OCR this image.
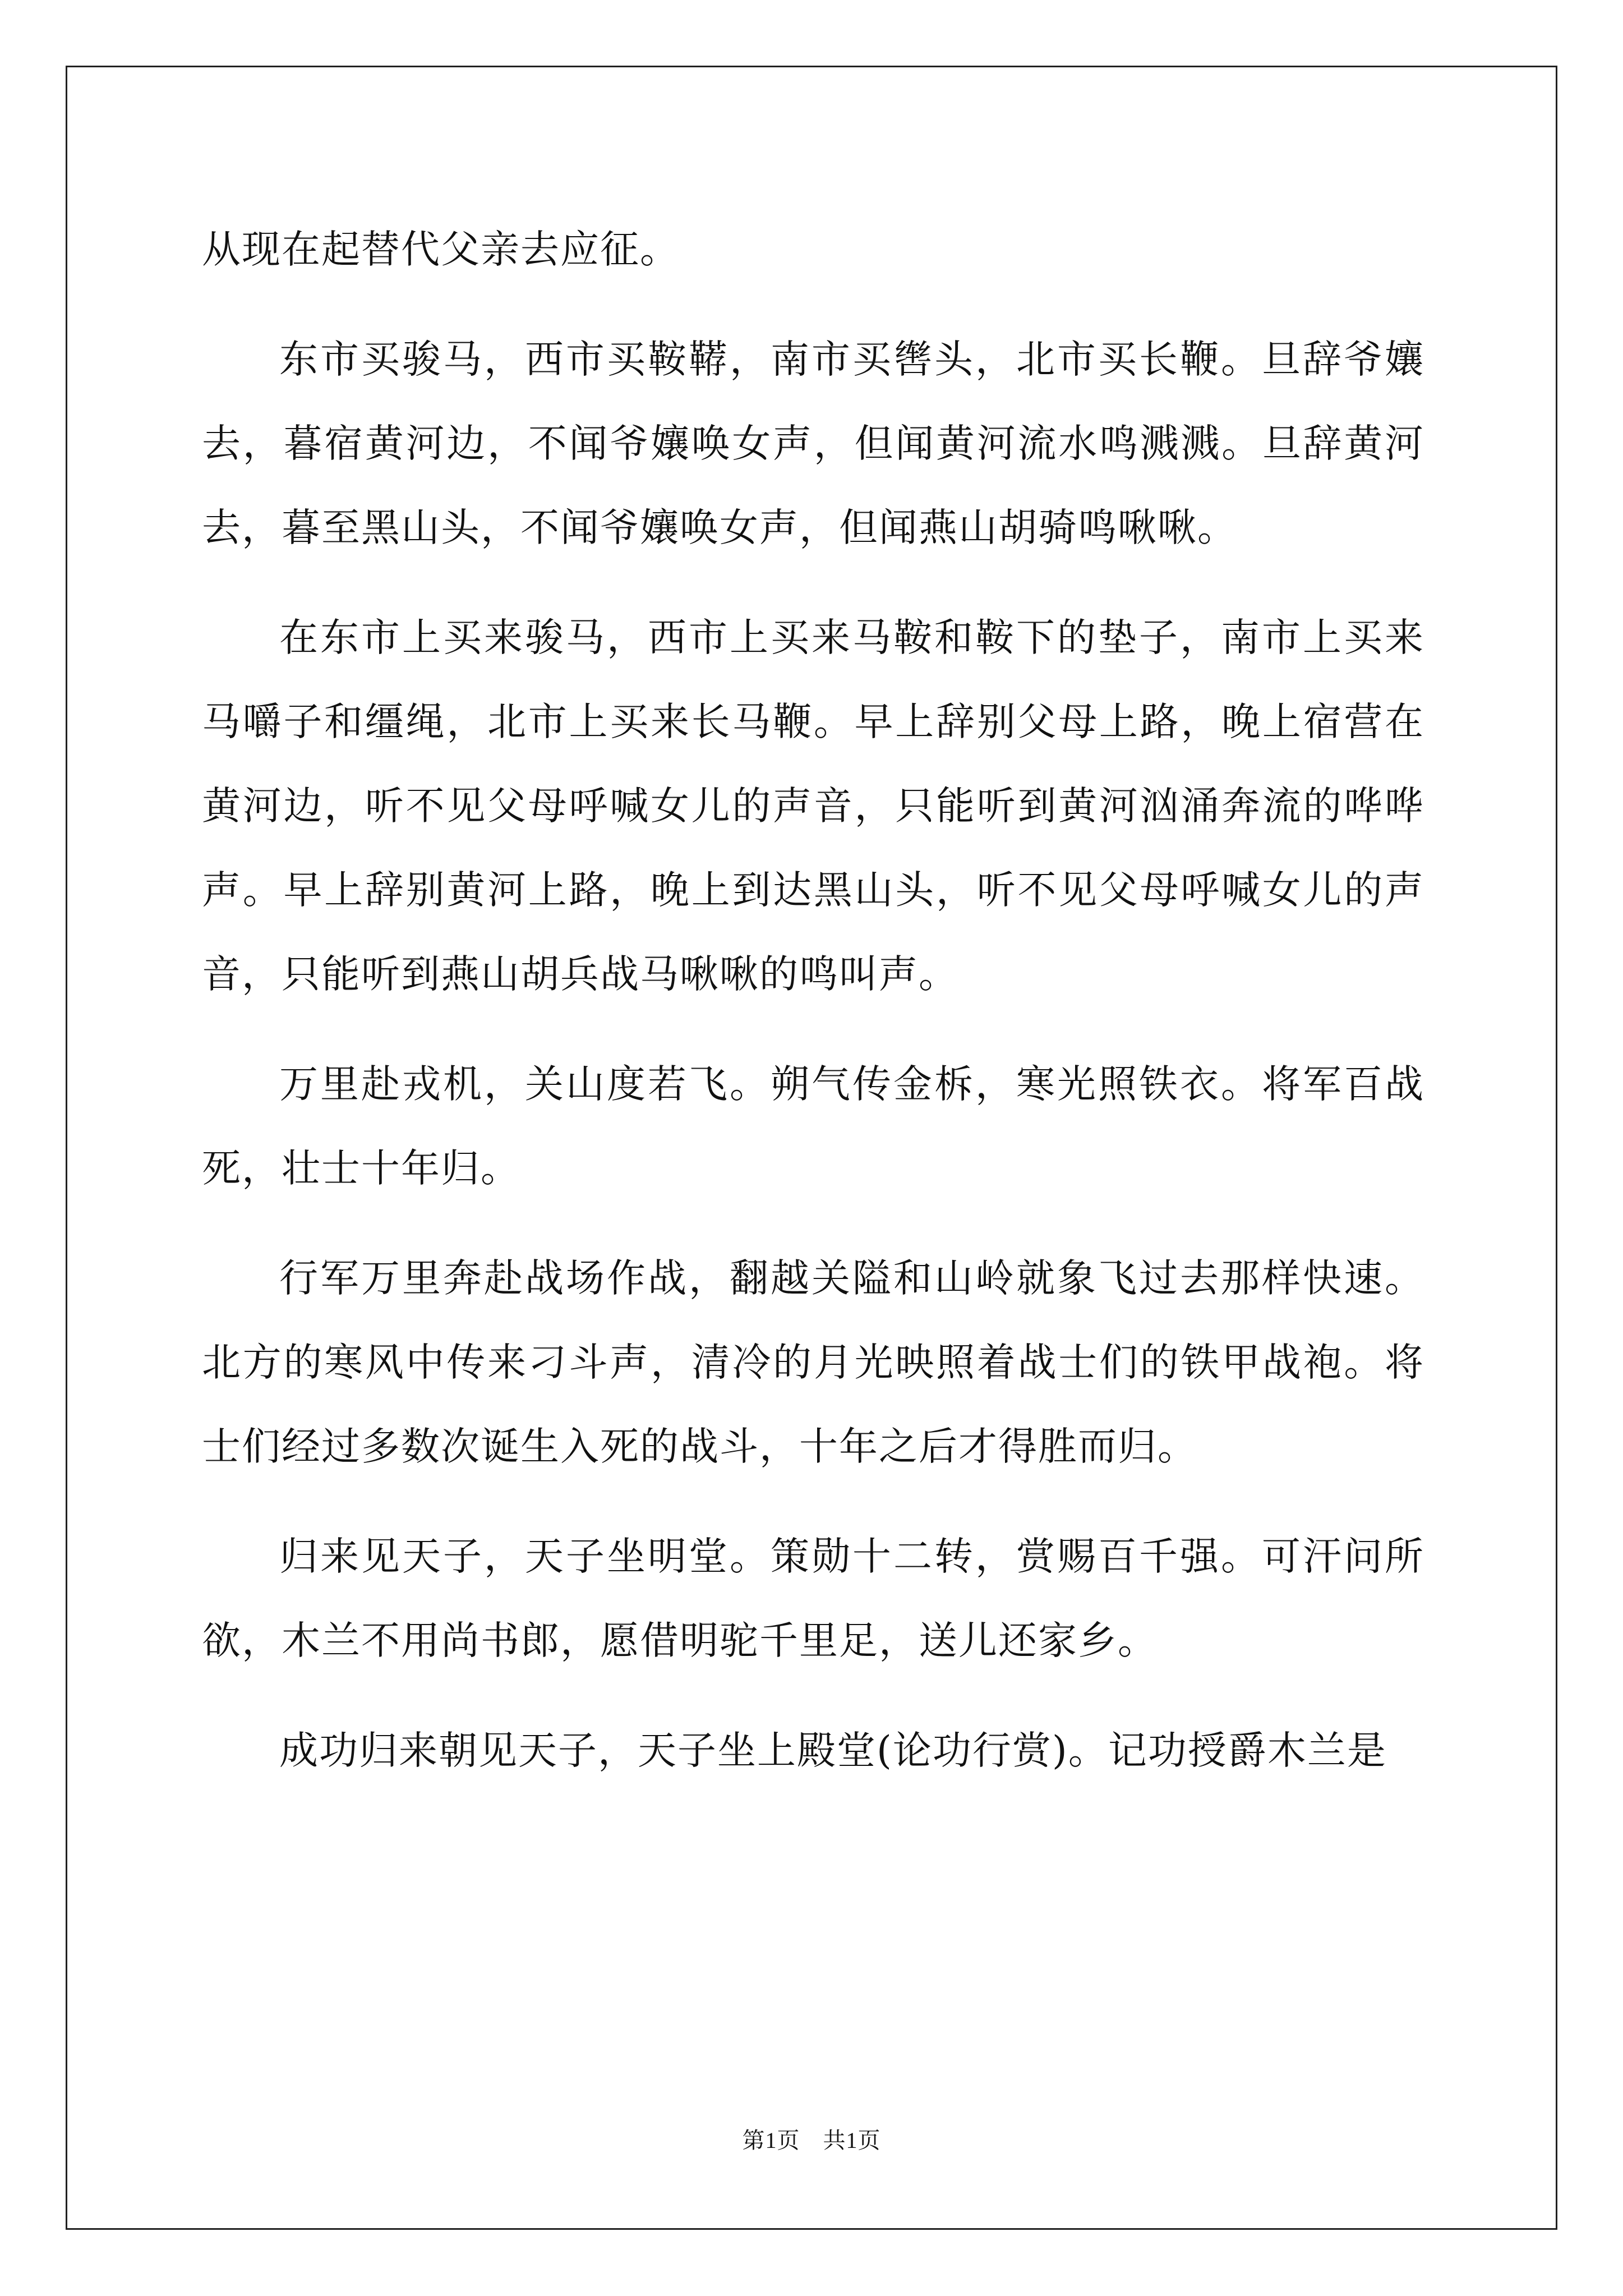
从现在起替代父亲去应征。

东市买骏马，西市买鞍鞯，南市买辔头，北市买长鞭。旦辞爷孃去，暮宿黄河边，不闻爷孃唤女声，但闻黄河流水鸣溅溅。旦辞黄河去，暮至黑山头，不闻爷孃唤女声，但闻燕山胡骑鸣啾啾。

在东市上买来骏马，西市上买来马鞍和鞍下的垫子，南市上买来马嚼子和缰绳，北市上买来长马鞭。早上辞别父母上路，晚上宿营在黄河边，听不见父母呼喊女儿的声音，只能听到黄河汹涌奔流的哗哗声。早上辞别黄河上路，晚上到达黑山头，听不见父母呼喊女儿的声音，只能听到燕山胡兵战马啾啾的鸣叫声。

万里赴戎机，关山度若飞。朔气传金柝，寒光照铁衣。将军百战死，壮士十年归。

行军万里奔赴战场作战，翻越关隘和山岭就象飞过去那样快速。北方的寒风中传来刁斗声，清冷的月光映照着战士们的铁甲战袍。将士们经过多数次诞生入死的战斗，十年之后才得胜而归。

归来见天子，天子坐明堂。策勋十二转，赏赐百千强。可汗问所欲，木兰不用尚书郎，愿借明驼千里足，送儿还家乡。

成功归来朝见天子，天子坐上殿堂(论功行赏)。记功授爵木兰是

第1页　共1页
